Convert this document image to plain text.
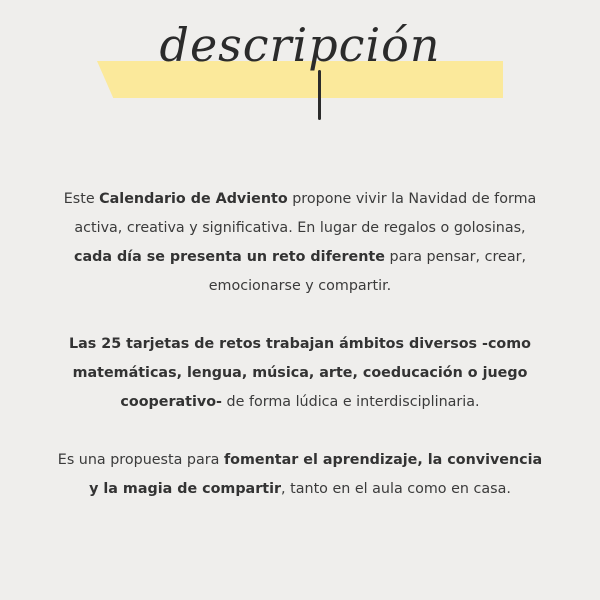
descripción
Este Calendario de Adviento propone vivir la Navidad de forma
activa, creativa y significativa. En lugar de regalos o golosinas,
cada día se presenta un reto diferente para pensar, crear,
emocionarse y compartir.
Las 25 tarjetas de retos trabajan ámbitos diversos -como
matemáticas, lengua, música, arte, coeducación o juego
cooperativo- de forma lúdica e interdisciplinaria.
Es una propuesta para fomentar el aprendizaje, la convivencia
y la magia de compartir, tanto en el aula como en casa.
